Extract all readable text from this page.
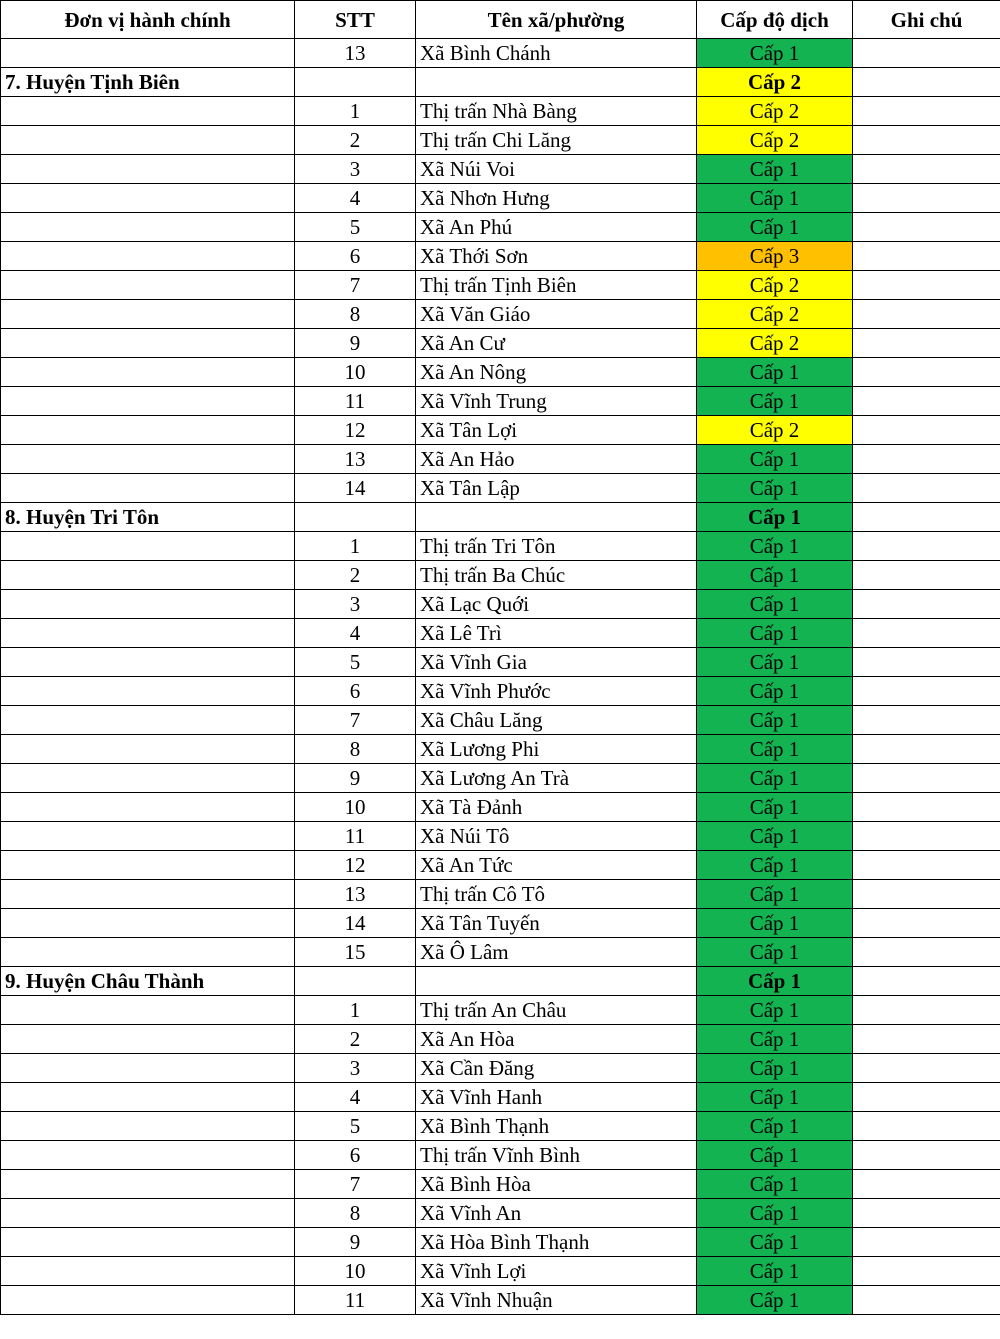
Đơn vị hành chính	STT	Tên xã/phường	Cấp độ dịch	Ghi chú
	13	Xã Bình Chánh	Cấp 1	
7. Huyện Tịnh Biên			Cấp 2	
	1	Thị trấn Nhà Bàng	Cấp 2	
	2	Thị trấn Chi Lăng	Cấp 2	
	3	Xã Núi Voi	Cấp 1	
	4	Xã Nhơn Hưng	Cấp 1	
	5	Xã An Phú	Cấp 1	
	6	Xã Thới Sơn	Cấp 3	
	7	Thị trấn Tịnh Biên	Cấp 2	
	8	Xã Văn Giáo	Cấp 2	
	9	Xã An Cư	Cấp 2	
	10	Xã An Nông	Cấp 1	
	11	Xã Vĩnh Trung	Cấp 1	
	12	Xã Tân Lợi	Cấp 2	
	13	Xã An Hảo	Cấp 1	
	14	Xã Tân Lập	Cấp 1	
8. Huyện Tri Tôn			Cấp 1	
	1	Thị trấn Tri Tôn	Cấp 1	
	2	Thị trấn Ba Chúc	Cấp 1	
	3	Xã Lạc Quới	Cấp 1	
	4	Xã Lê Trì	Cấp 1	
	5	Xã Vĩnh Gia	Cấp 1	
	6	Xã Vĩnh Phước	Cấp 1	
	7	Xã Châu Lăng	Cấp 1	
	8	Xã Lương Phi	Cấp 1	
	9	Xã Lương An Trà	Cấp 1	
	10	Xã Tà Đảnh	Cấp 1	
	11	Xã Núi Tô	Cấp 1	
	12	Xã An Tức	Cấp 1	
	13	Thị trấn Cô Tô	Cấp 1	
	14	Xã Tân Tuyến	Cấp 1	
	15	Xã Ô Lâm	Cấp 1	
9. Huyện Châu Thành			Cấp 1	
	1	Thị trấn An Châu	Cấp 1	
	2	Xã An Hòa	Cấp 1	
	3	Xã Cần Đăng	Cấp 1	
	4	Xã Vĩnh Hanh	Cấp 1	
	5	Xã Bình Thạnh	Cấp 1	
	6	Thị trấn Vĩnh Bình	Cấp 1	
	7	Xã Bình Hòa	Cấp 1	
	8	Xã Vĩnh An	Cấp 1	
	9	Xã Hòa Bình Thạnh	Cấp 1	
	10	Xã Vĩnh Lợi	Cấp 1	
	11	Xã Vĩnh Nhuận	Cấp 1	
